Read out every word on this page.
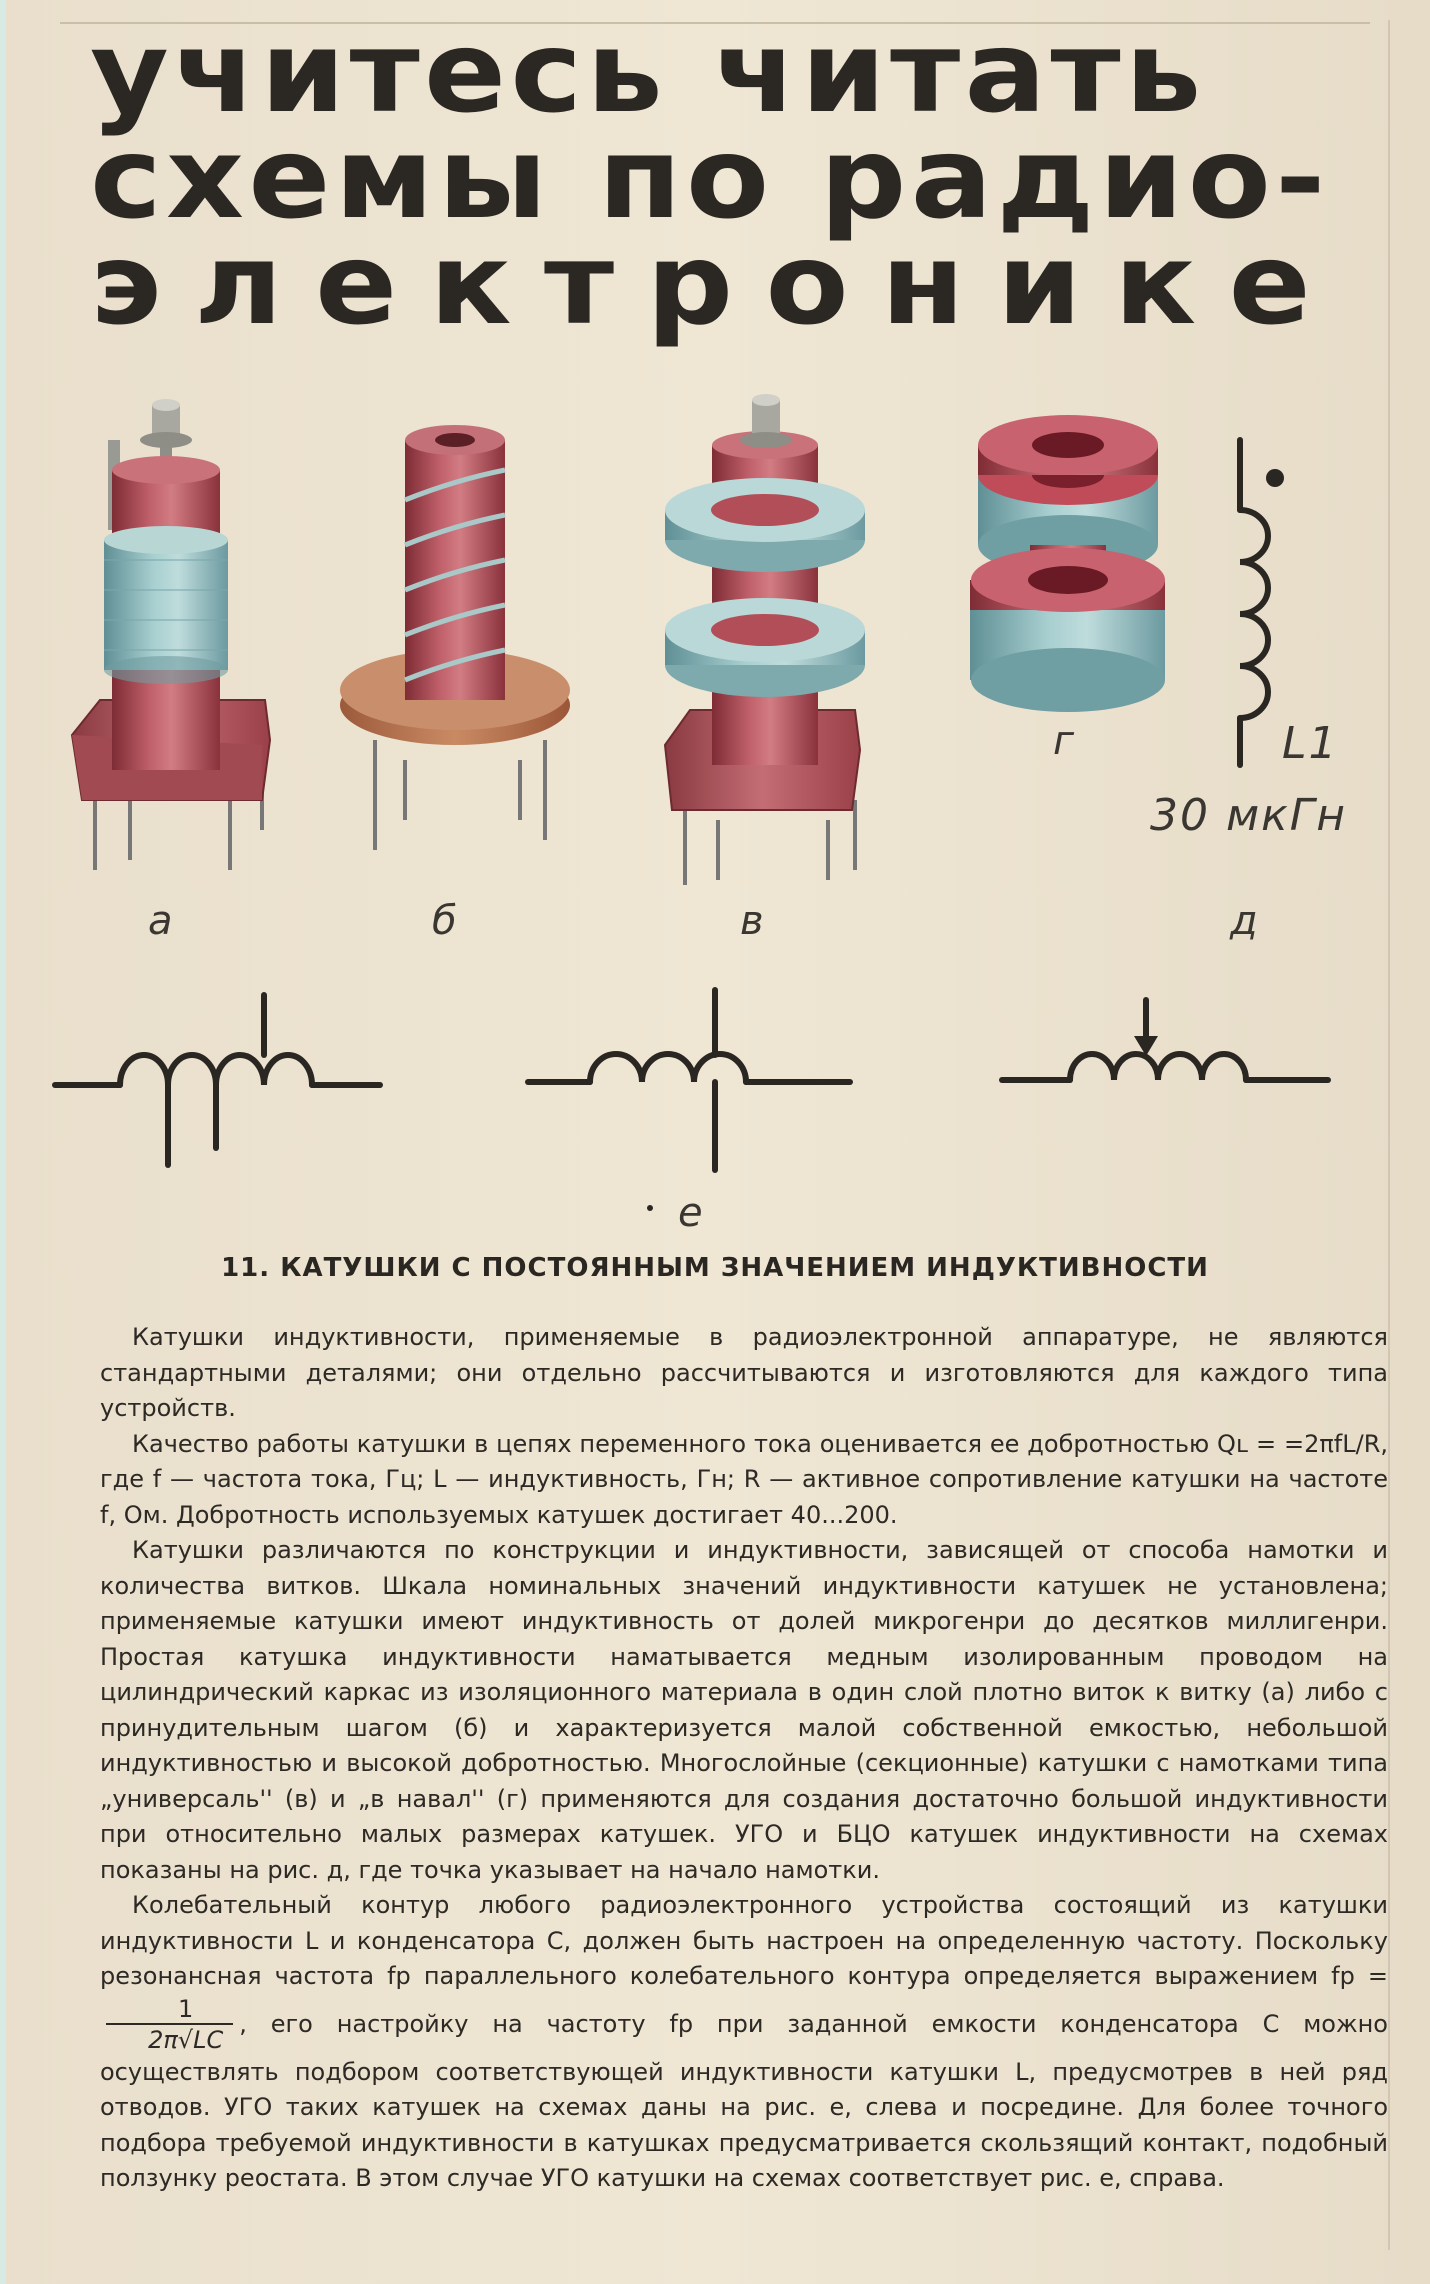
учитесь читать
схемы по радио-
электронике
а	б	в
г
д
е
L1
30 мкГн
11. КАТУШКИ С ПОСТОЯННЫМ ЗНАЧЕНИЕМ ИНДУКТИВНОСТИ

Катушки индуктивности, применяемые в радиоэлектронной аппаратуре, не являются стандартными деталями; они отдельно рассчитываются и изготовляются для каждого типа устройств.

Качество работы катушки в цепях переменного тока оценивается ее добротностью Qʟ = =2πfL/R, где f — частота тока, Гц; L — индуктивность, Гн; R — активное сопротивление катушки на частоте f, Ом. Добротность используемых катушек достигает 40...200.

Катушки различаются по конструкции и индуктивности, зависящей от способа намотки и количества витков. Шкала номинальных значений индуктивности катушек не установлена; применяемые катушки имеют индуктивность от долей микрогенри до десятков миллигенри. Простая катушка индуктивности наматывается медным изолированным проводом на цилиндрический каркас из изоляционного материала в один слой плотно виток к витку (а) либо с принудительным шагом (б) и характеризуется малой собственной емкостью, небольшой индуктивностью и высокой добротностью. Многослойные (секционные) катушки с намотками типа „универсаль'' (в) и „в навал'' (г) применяются для создания достаточно большой индуктивности при относительно малых размерах катушек. УГО и БЦО катушек индуктивности на схемах показаны на рис. д, где точка указывает на начало намотки.

Колебательный контур любого радиоэлектронного устройства состоящий из катушки индуктивности L и конденсатора C, должен быть настроен на определенную частоту. Поскольку резонансная частота fр параллельного колебательного контура определяется выражением fр =
$\frac{1}{2\pi√LC}$ , его настройку на частоту fр при заданной емкости конденсатора C можно осуществлять подбором соответствующей индуктивности катушки L, предусмотрев в ней ряд отводов. УГО таких катушек на схемах даны на рис. е, слева и посредине. Для более точного подбора требуемой индуктивности в катушках предусматривается скользящий контакт, подобный ползунку реостата. В этом случае УГО катушки на схемах соответствует рис. е, справа.
